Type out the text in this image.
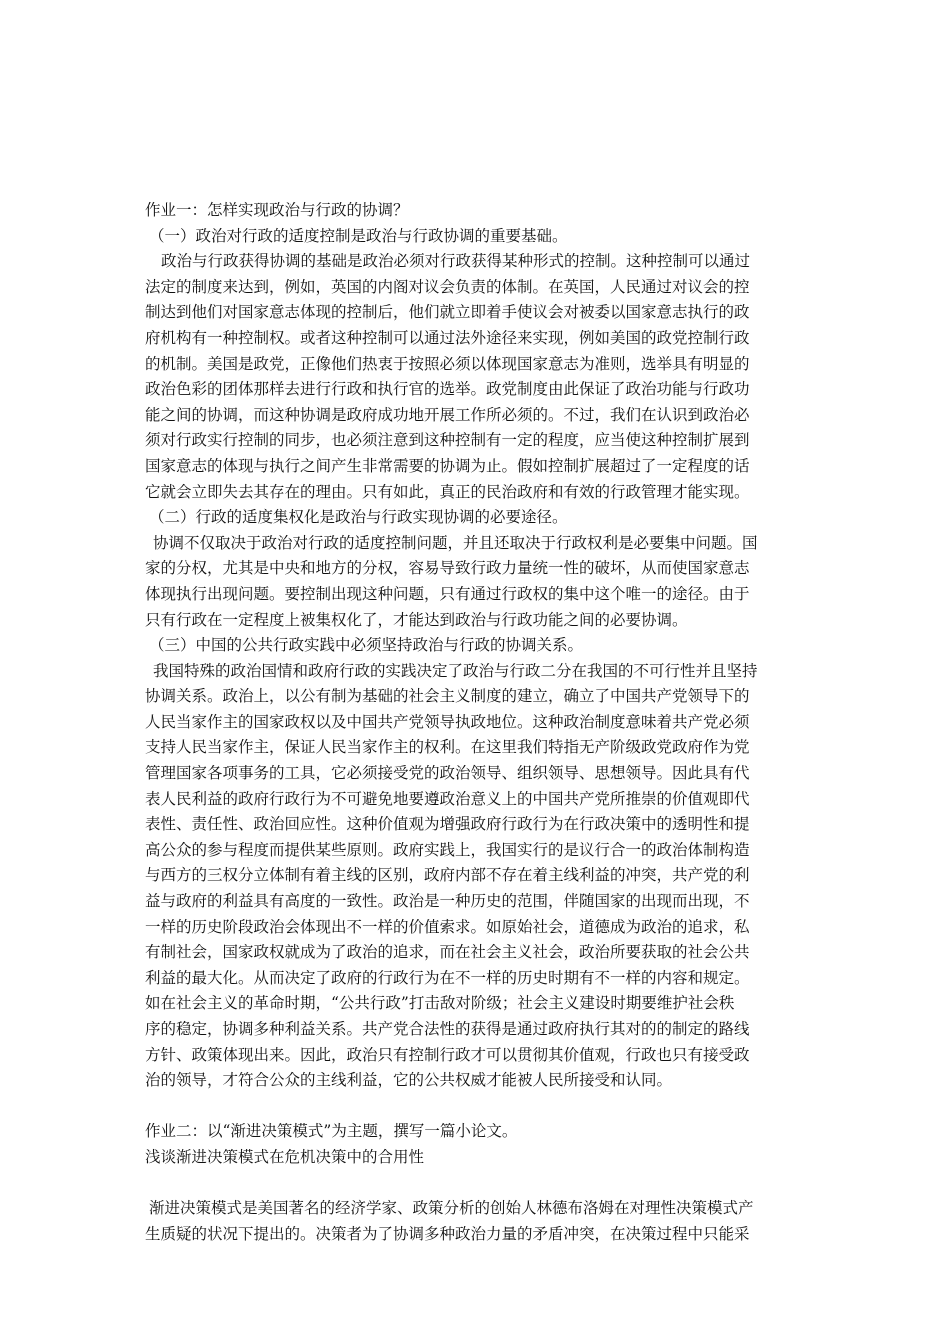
作业一：怎样实现政治与行政的协调？
（一）政治对行政的适度控制是政治与行政协调的重要基础。
政治与行政获得协调的基础是政治必须对行政获得某种形式的控制。这种控制可以通过
法定的制度来达到，例如，英国的内阁对议会负责的体制。在英国，人民通过对议会的控
制达到他们对国家意志体现的控制后，他们就立即着手使议会对被委以国家意志执行的政
府机构有一种控制权。或者这种控制可以通过法外途径来实现，例如美国的政党控制行政
的机制。美国是政党，正像他们热衷于按照必须以体现国家意志为准则，选举具有明显的
政治色彩的团体那样去进行行政和执行官的选举。政党制度由此保证了政治功能与行政功
能之间的协调，而这种协调是政府成功地开展工作所必须的。不过，我们在认识到政治必
须对行政实行控制的同步，也必须注意到这种控制有一定的程度，应当使这种控制扩展到
国家意志的体现与执行之间产生非常需要的协调为止。假如控制扩展超过了一定程度的话
它就会立即失去其存在的理由。只有如此，真正的民治政府和有效的行政管理才能实现。
（二）行政的适度集权化是政治与行政实现协调的必要途径。
协调不仅取决于政治对行政的适度控制问题，并且还取决于行政权利是必要集中问题。国
家的分权，尤其是中央和地方的分权，容易导致行政力量统一性的破坏，从而使国家意志
体现执行出现问题。要控制出现这种问题，只有通过行政权的集中这个唯一的途径。由于
只有行政在一定程度上被集权化了，才能达到政治与行政功能之间的必要协调。
（三）中国的公共行政实践中必须坚持政治与行政的协调关系。
我国特殊的政治国情和政府行政的实践决定了政治与行政二分在我国的不可行性并且坚持
协调关系。政治上，以公有制为基础的社会主义制度的建立，确立了中国共产党领导下的
人民当家作主的国家政权以及中国共产党领导执政地位。这种政治制度意味着共产党必须
支持人民当家作主，保证人民当家作主的权利。在这里我们特指无产阶级政党政府作为党
管理国家各项事务的工具，它必须接受党的政治领导、组织领导、思想领导。因此具有代
表人民利益的政府行政行为不可避免地要遵政治意义上的中国共产党所推崇的价值观即代
表性、责任性、政治回应性。这种价值观为增强政府行政行为在行政决策中的透明性和提
高公众的参与程度而提供某些原则。政府实践上，我国实行的是议行合一的政治体制构造
与西方的三权分立体制有着主线的区别，政府内部不存在着主线利益的冲突，共产党的利
益与政府的利益具有高度的一致性。政治是一种历史的范围，伴随国家的出现而出现，不
一样的历史阶段政治会体现出不一样的价值索求。如原始社会，道德成为政治的追求，私
有制社会，国家政权就成为了政治的追求，而在社会主义社会，政治所要获取的社会公共
利益的最大化。从而决定了政府的行政行为在不一样的历史时期有不一样的内容和规定。
如在社会主义的革命时期，“公共行政”打击敌对阶级；社会主义建设时期要维护社会秩
序的稳定，协调多种利益关系。共产党合法性的获得是通过政府执行其对的的制定的路线
方针、政策体现出来。因此，政治只有控制行政才可以贯彻其价值观，行政也只有接受政
治的领导，才符合公众的主线利益，它的公共权威才能被人民所接受和认同。
作业二：以“渐进决策模式”为主题，撰写一篇小论文。
浅谈渐进决策模式在危机决策中的合用性
渐进决策模式是美国著名的经济学家、政策分析的创始人林德布洛姆在对理性决策模式产
生质疑的状况下提出的。决策者为了协调多种政治力量的矛盾冲突，在决策过程中只能采
